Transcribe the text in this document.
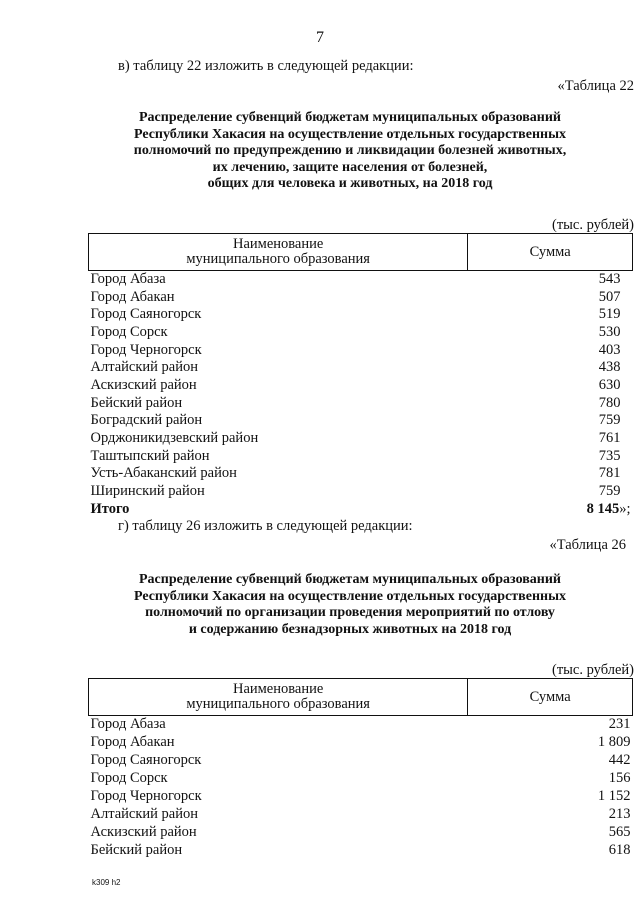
7
в) таблицу 22 изложить в следующей редакции:
«Таблица 22
Распределение субвенций бюджетам муниципальных образований
Республики Хакасия на осуществление отдельных государственных
полномочий по предупреждению и ликвидации болезней животных,
их лечению, защите населения от болезней,
общих для человека и животных, на 2018 год
(тыс. рублей)
Наименование
муниципального образования	Сумма
Город Абаза	543
Город Абакан	507
Город Саяногорск	519
Город Сорск	530
Город Черногорск	403
Алтайский район	438
Аскизский район	630
Бейский район	780
Боградский район	759
Орджоникидзевский район	761
Таштыпский район	735
Усть-Абаканский район	781
Ширинский район	759
Итого	8 145»;
г) таблицу 26 изложить в следующей редакции:
«Таблица 26
Распределение субвенций бюджетам муниципальных образований
Республики Хакасия на осуществление отдельных государственных
полномочий по организации проведения мероприятий по отлову
и содержанию безнадзорных животных на 2018 год
(тыс. рублей)
Наименование
муниципального образования	Сумма
Город Абаза	231
Город Абакан	1 809
Город Саяногорск	442
Город Сорск	156
Город Черногорск	1 152
Алтайский район	213
Аскизский район	565
Бейский район	618
k309 h2
